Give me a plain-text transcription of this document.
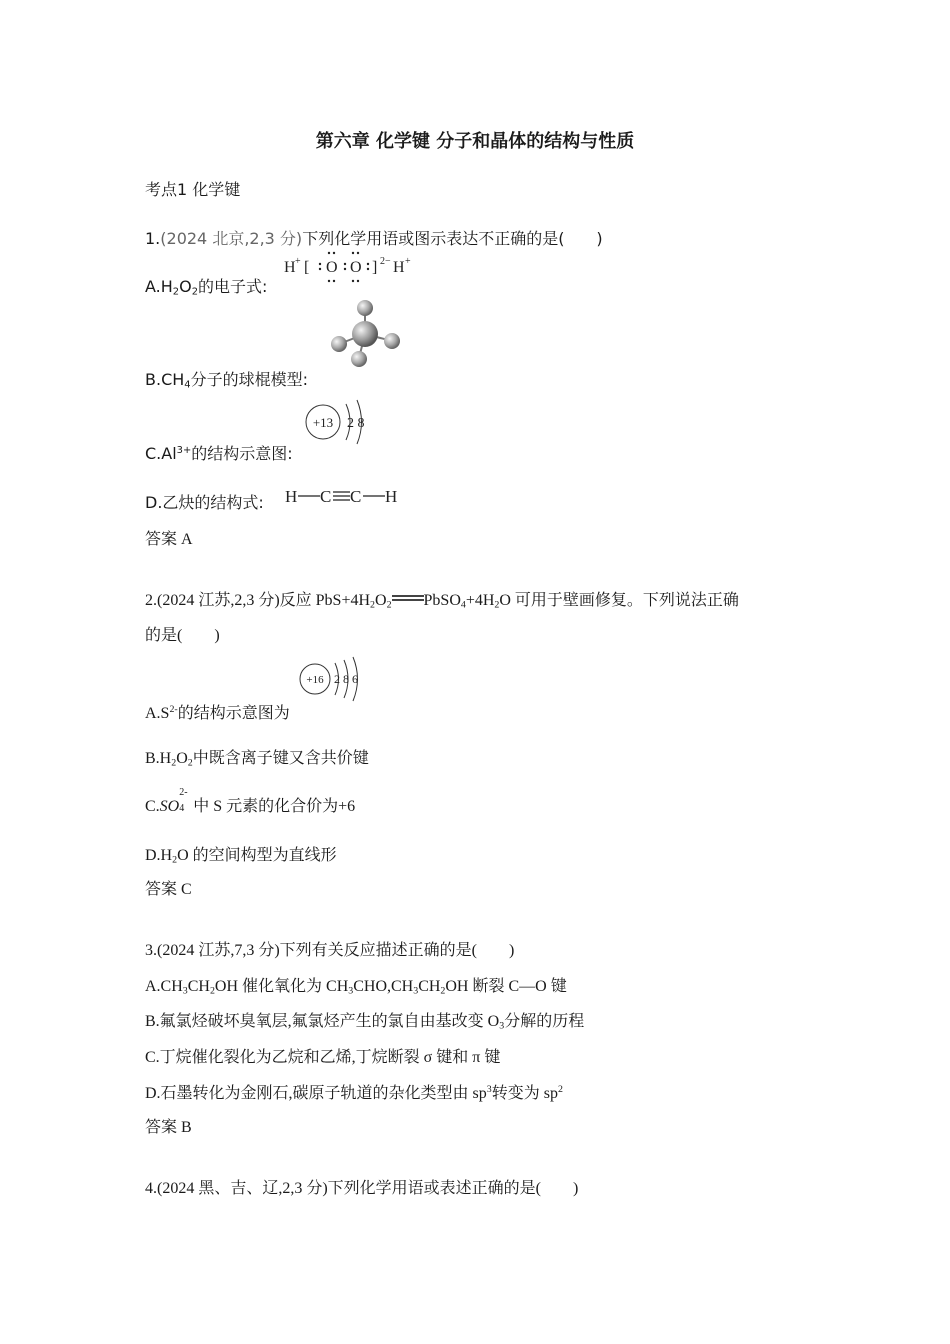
第六章 化学键 分子和晶体的结构与性质
考点1 化学键
1.(2024 北京,2,3 分)下列化学用语或图示表达不正确的是(　　)
$A.H_2O_2$的电子式:
H + [ O O ] 2− H +
$B.CH_4$分子的球棍模型:
+13 2 8
$C.Al^{3+}$的结构示意图:
D.乙炔的结构式: H C C H
答案 A
2.(2024 江苏,2,3 分)反应 $PbS+4H_2O_2$ $PbSO_4+4H_2O$ 可用于壁画修复。下列说法正确
的是(　　)
+16 2 8 6
$A.S^{2-}$的结构示意图为
$B.H_2O_2$中既含离子键又含共价键
C.SO
2-
4 中 S 元素的化合价为+6
$D.H_2O$ 的空间构型为直线形
答案 C
3.(2024 江苏,7,3 分)下列有关反应描述正确的是(　　)
$A.CH_3CH_2OH$ 催化氧化为 $CH_3CHO,CH_3CH_2OH$ 断裂 C—O 键
B.氟氯烃破坏臭氧层,氟氯烃产生的氯自由基改变 $O_3$分解的历程
C.丁烷催化裂化为乙烷和乙烯,丁烷断裂 σ 键和 π 键
D.石墨转化为金刚石,碳原子轨道的杂化类型由 $sp^3$转变为 $sp^2$
答案 B
4.(2024 黑、吉、辽,2,3 分)下列化学用语或表述正确的是(　　)
